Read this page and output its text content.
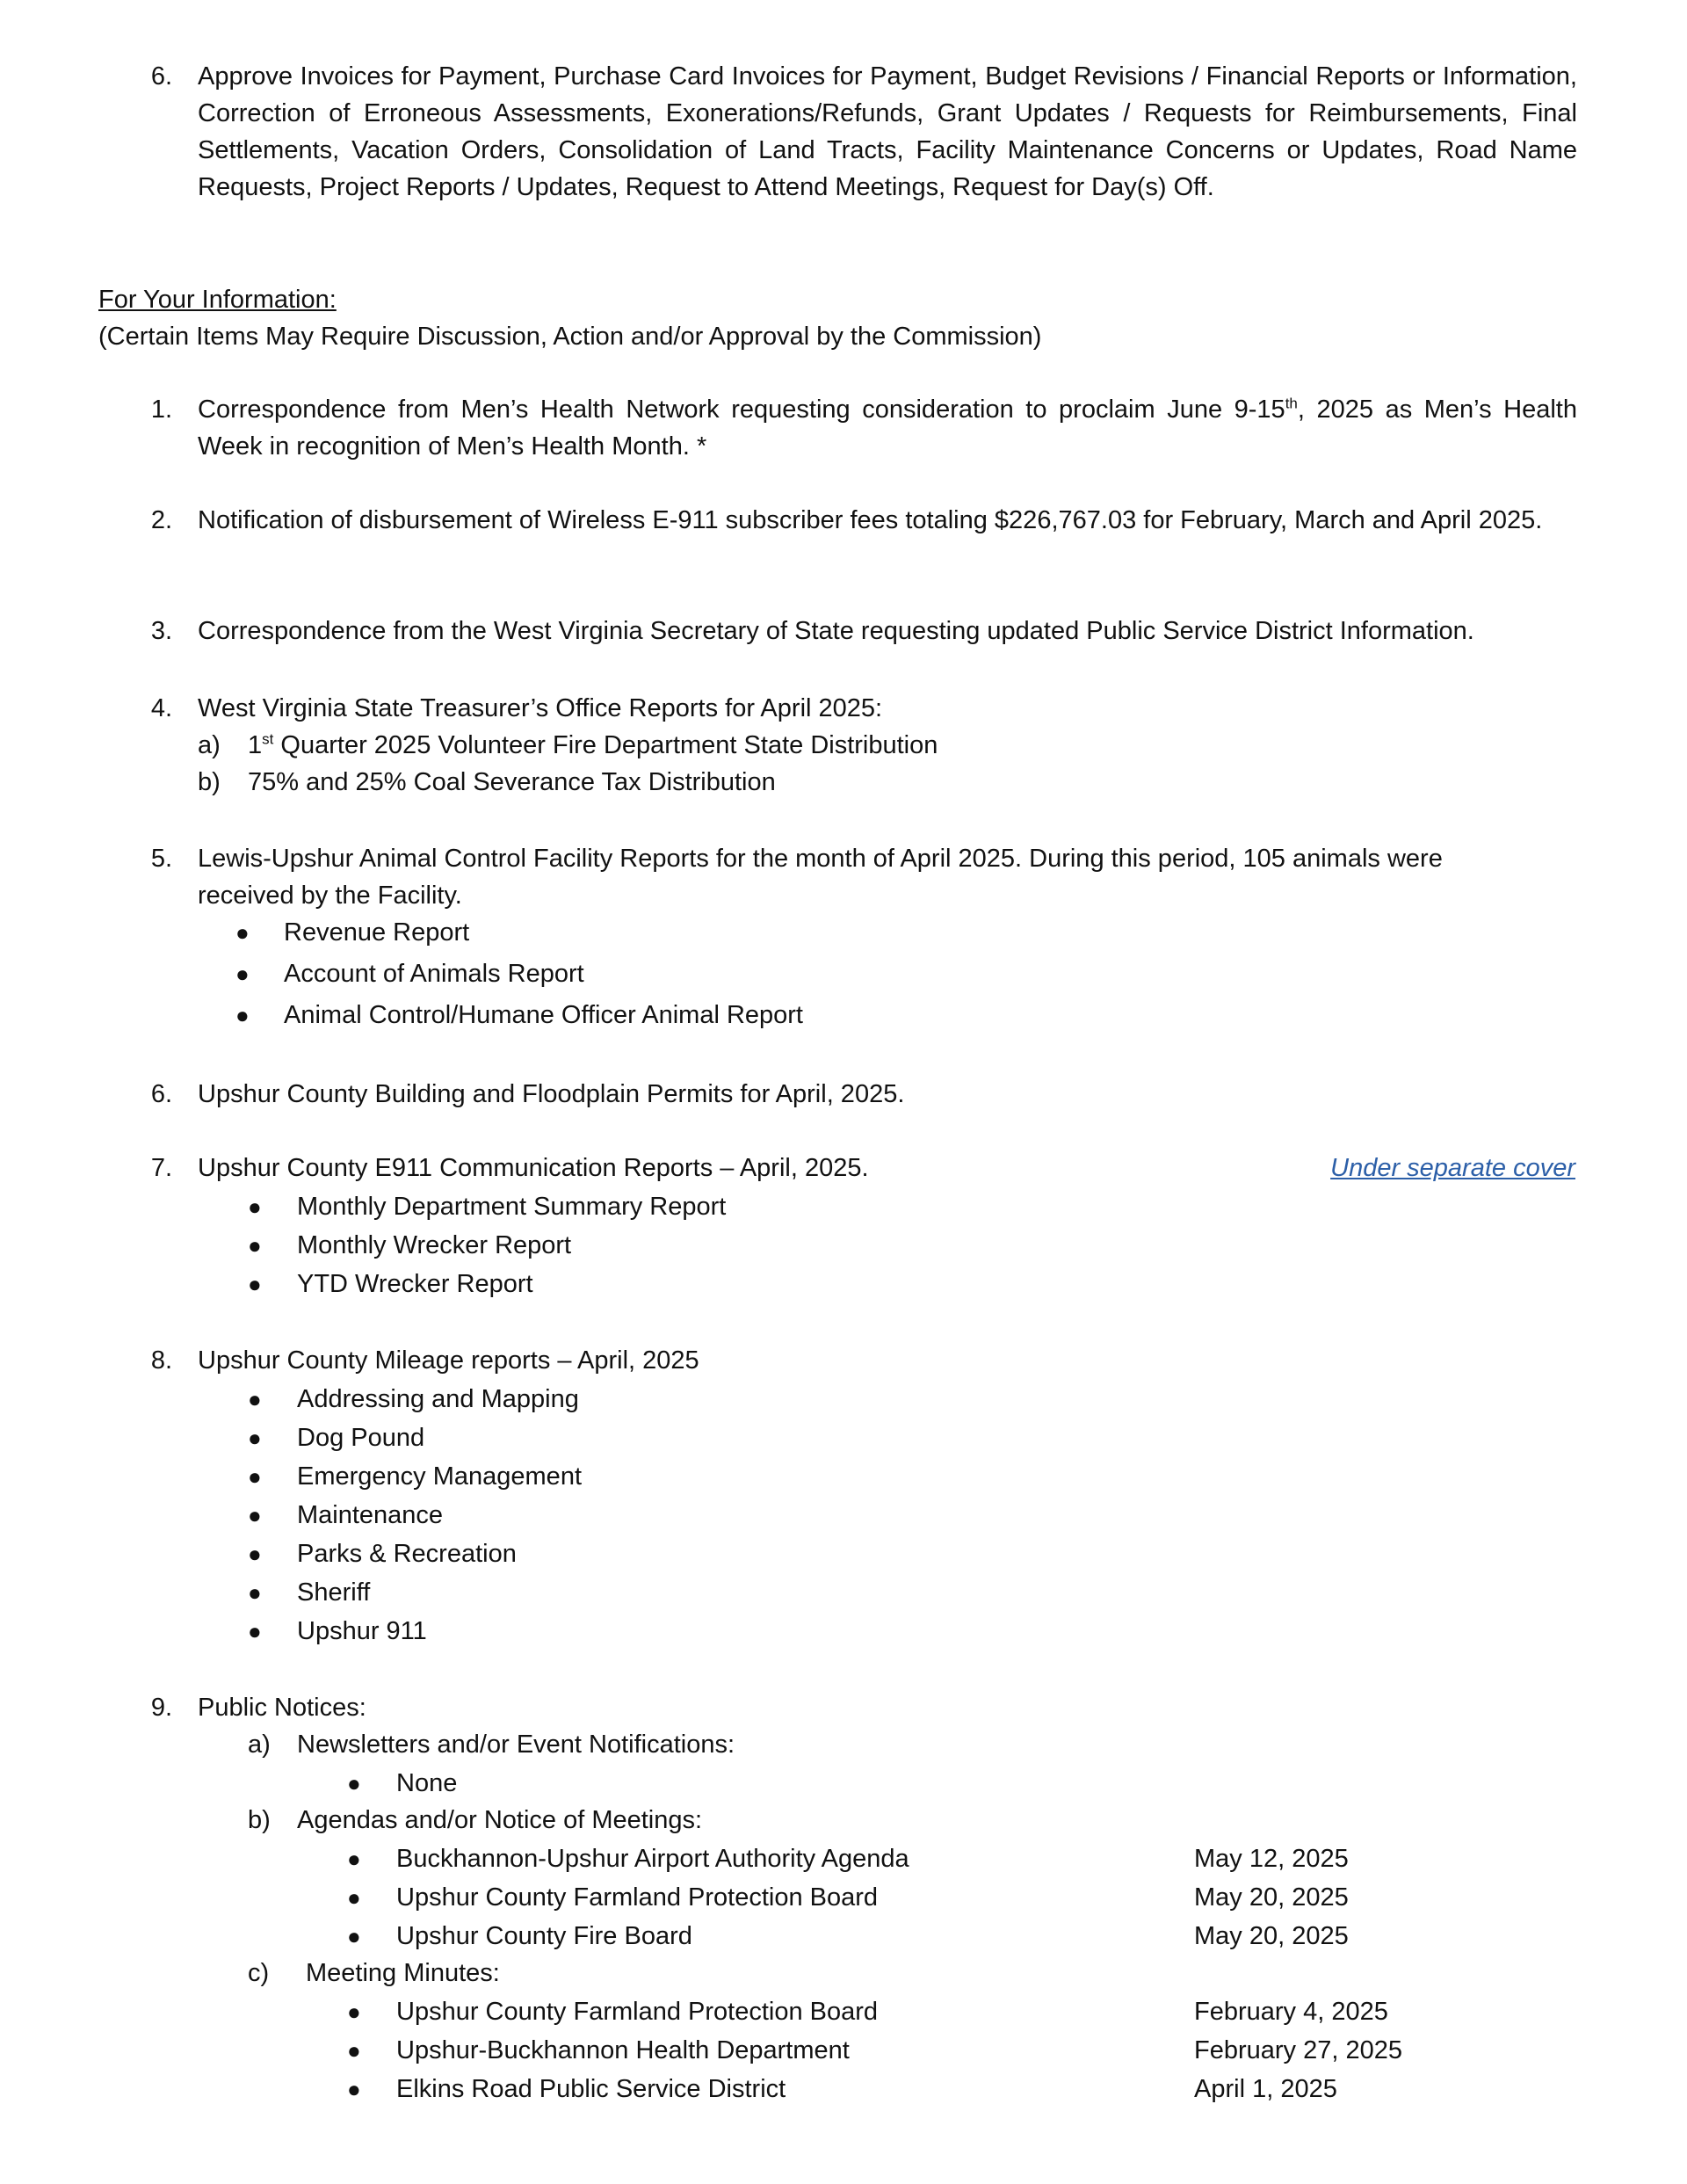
6. Approve Invoices for Payment, Purchase Card Invoices for Payment, Budget Revisions / Financial Reports or Information, Correction of Erroneous Assessments, Exonerations/Refunds, Grant Updates / Requests for Reimbursements, Final Settlements, Vacation Orders, Consolidation of Land Tracts, Facility Maintenance Concerns or Updates, Road Name Requests, Project Reports / Updates, Request to Attend Meetings, Request for Day(s) Off.
For Your Information:
(Certain Items May Require Discussion, Action and/or Approval by the Commission)
1. Correspondence from Men’s Health Network requesting consideration to proclaim June 9-15th, 2025 as Men’s Health Week in recognition of Men’s Health Month. *
2. Notification of disbursement of Wireless E-911 subscriber fees totaling $226,767.03 for February, March and April 2025.
3. Correspondence from the West Virginia Secretary of State requesting updated Public Service District Information.
4. West Virginia State Treasurer’s Office Reports for April 2025:
a) 1st Quarter 2025 Volunteer Fire Department State Distribution
b) 75% and 25% Coal Severance Tax Distribution
5. Lewis-Upshur Animal Control Facility Reports for the month of April 2025. During this period, 105 animals were
received by the Facility.
● Revenue Report
● Account of Animals Report
● Animal Control/Humane Officer Animal Report
6. Upshur County Building and Floodplain Permits for April, 2025.
7. Upshur County E911 Communication Reports – April, 2025.	Under separate cover
● Monthly Department Summary Report
● Monthly Wrecker Report
● YTD Wrecker Report
8. Upshur County Mileage reports – April, 2025
● Addressing and Mapping
● Dog Pound
● Emergency Management
● Maintenance
● Parks & Recreation
● Sheriff
● Upshur 911
9. Public Notices:
a) Newsletters and/or Event Notifications:
● None
b) Agendas and/or Notice of Meetings:
● Buckhannon-Upshur Airport Authority Agenda	May 12, 2025
● Upshur County Farmland Protection Board	May 20, 2025
● Upshur County Fire Board	May 20, 2025
c) Meeting Minutes:
● Upshur County Farmland Protection Board	February 4, 2025
● Upshur-Buckhannon Health Department	February 27, 2025
● Elkins Road Public Service District	April 1, 2025
